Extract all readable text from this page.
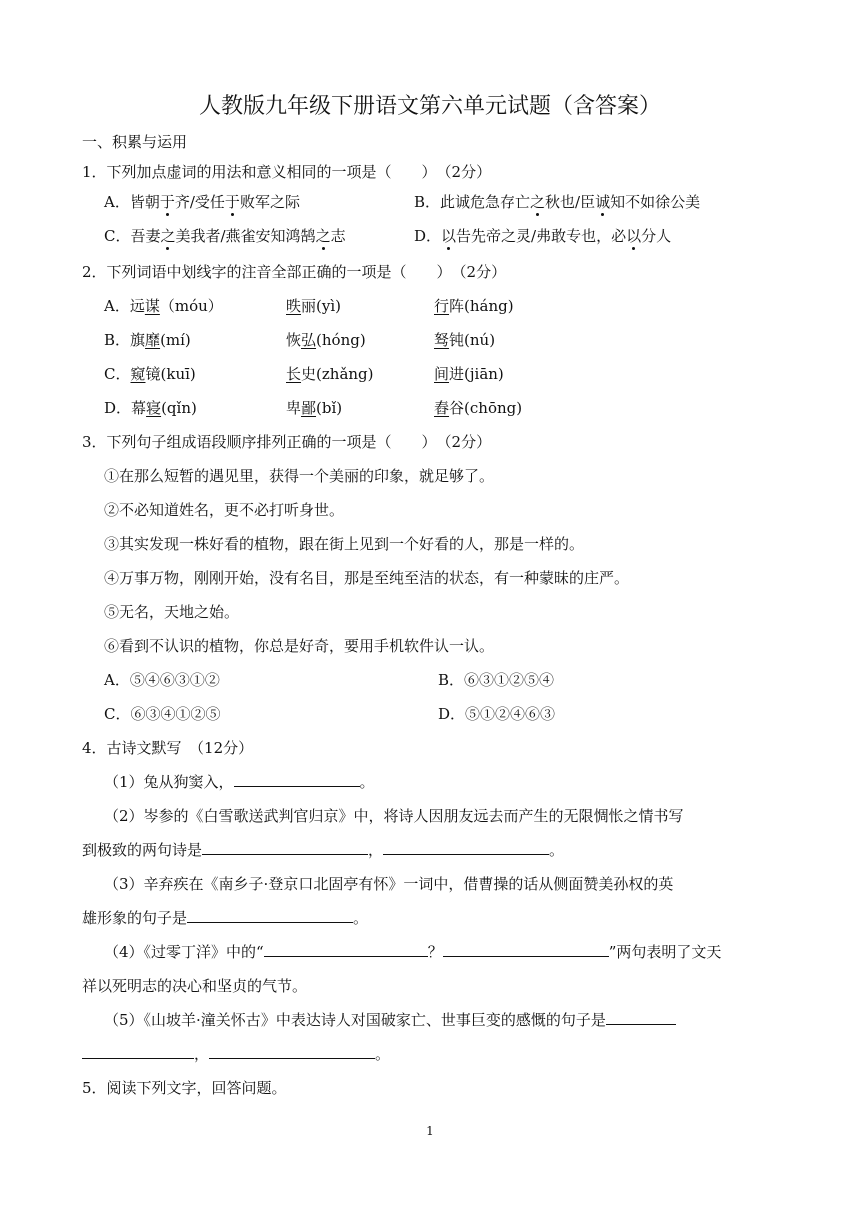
人教版九年级下册语文第六单元试题（含答案）
一、积累与运用
1．下列加点虚词的用法和意义相同的一项是（　　）　（2分）
A．皆朝于齐/受任于败军之际	B．此诚危急存亡之秋也/臣诚知不如徐公美
C．吾妻之美我者/燕雀安知鸿鹄之志	D．以告先帝之灵/弗敢专也，必以分人
2．下列词语中划线字的注音全部正确的一项是（　　）　（2分）
A．远谋（móu）	昳丽(yì)	行阵(háng)
B．旗靡(mí)	恢弘(hóng)	驽钝(nú)
C．窥镜(kuī)	长史(zhǎng)	间进(jiān)
D．幕寝(qǐn)	卑鄙(bǐ)	舂谷(chōng)
3．下列句子组成语段顺序排列正确的一项是（　　）　（2分）
①在那么短暂的遇见里，获得一个美丽的印象，就足够了。
②不必知道姓名，更不必打听身世。
③其实发现一株好看的植物，跟在街上见到一个好看的人，那是一样的。
④万事万物，刚刚开始，没有名目，那是至纯至洁的状态，有一种蒙昧的庄严。
⑤无名，天地之始。
⑥看到不认识的植物，你总是好奇，要用手机软件认一认。
A．⑤④⑥③①②	B．⑥③①②⑤④
C．⑥③④①②⑤	D．⑤①②④⑥③
4．古诗文默写　（12分）
（1）兔从狗窦入，	。
（2）岑参的《白雪歌送武判官归京》中，将诗人因朋友远去而产生的无限惆怅之情书写
到极致的两句诗是	，	。
（3）辛弃疾在《南乡子·登京口北固亭有怀》一词中，借曹操的话从侧面赞美孙权的英
雄形象的句子是	。
（4）《过零丁洋》中的“	？	”两句表明了文天
祥以死明志的决心和坚贞的气节。
（5）《山坡羊·潼关怀古》中表达诗人对国破家亡、世事巨变的感慨的句子是
，	。
5．阅读下列文字，回答问题。
1
